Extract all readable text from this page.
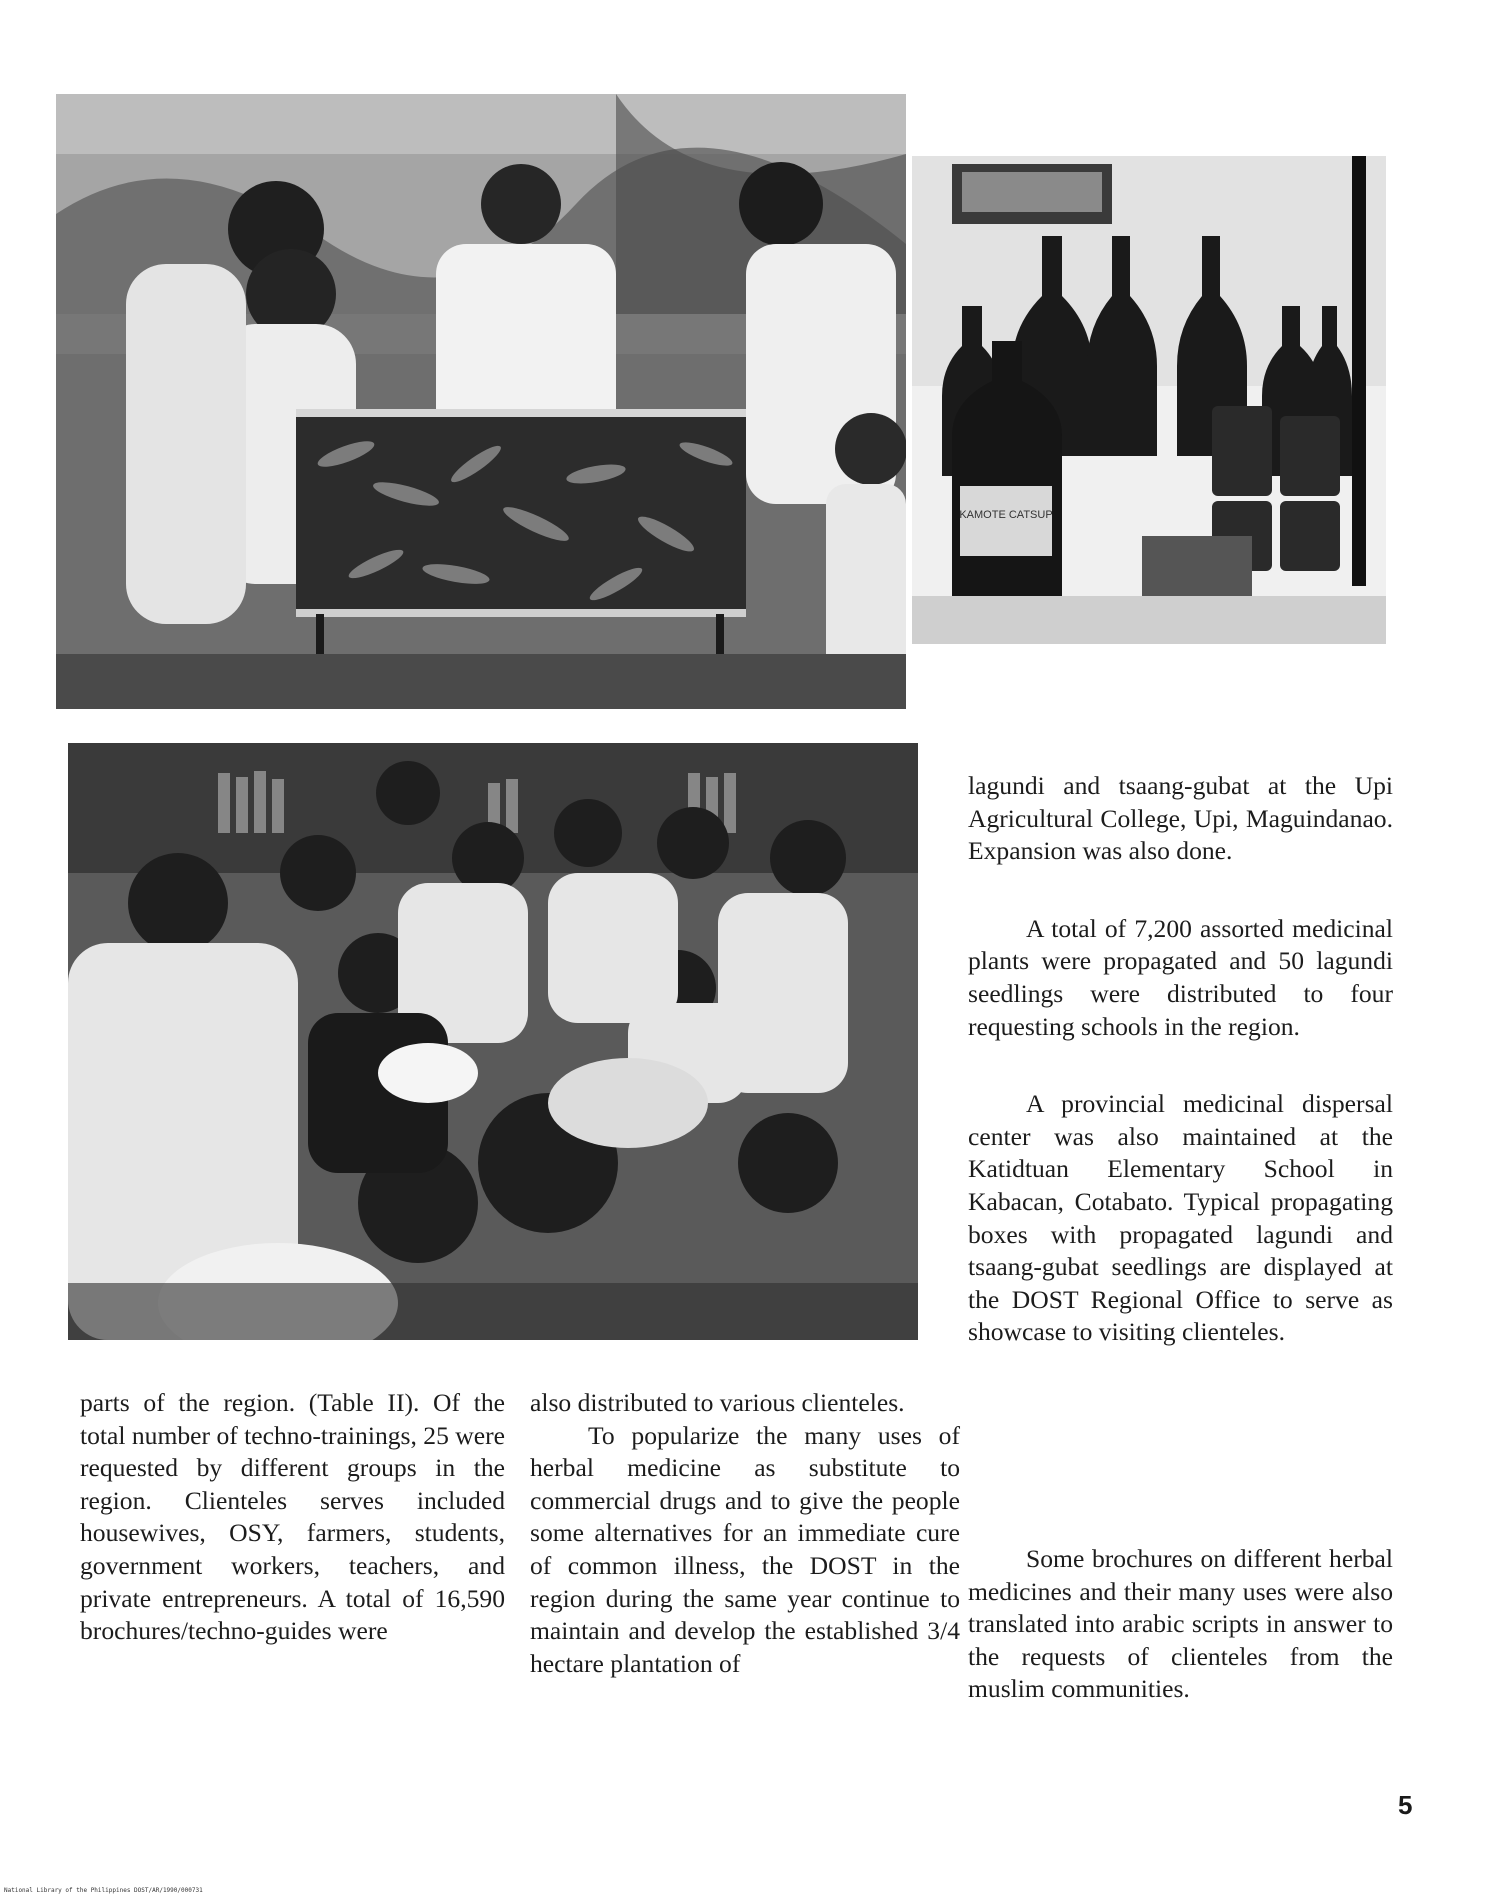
KAMOTE CATSUP

parts of the region. (Table II). Of the total number of techno-trainings, 25 were requested by different groups in the region. Clienteles serves included housewives, OSY, farmers, students, government workers, teachers, and private entrepreneurs. A total of 16,590 brochures/techno-guides were

also distributed to various clienteles.

To popularize the many uses of herbal medicine as substitute to commercial drugs and to give the people some alternatives for an immediate cure of common illness, the DOST in the region during the same year continue to maintain and develop the established 3/4 hectare plantation of

lagundi and tsaang-gubat at the Upi Agricultural College, Upi, Maguindanao. Expansion was also done.

A total of 7,200 assorted medicinal plants were propagated and 50 lagundi seedlings were distributed to four requesting schools in the region.

A provincial medicinal dispersal center was also maintained at the Katidtuan Elementary School in Kabacan, Cotabato. Typical propagating boxes with propagated lagundi and tsaang-gubat seedlings are displayed at the DOST Regional Office to serve as showcase to visiting clienteles.

Some brochures on different herbal medicines and their many uses were also translated into arabic scripts in answer to the requests of clienteles from the muslim communities.

5
National Library of the Philippines DOST/AR/1990/000731
